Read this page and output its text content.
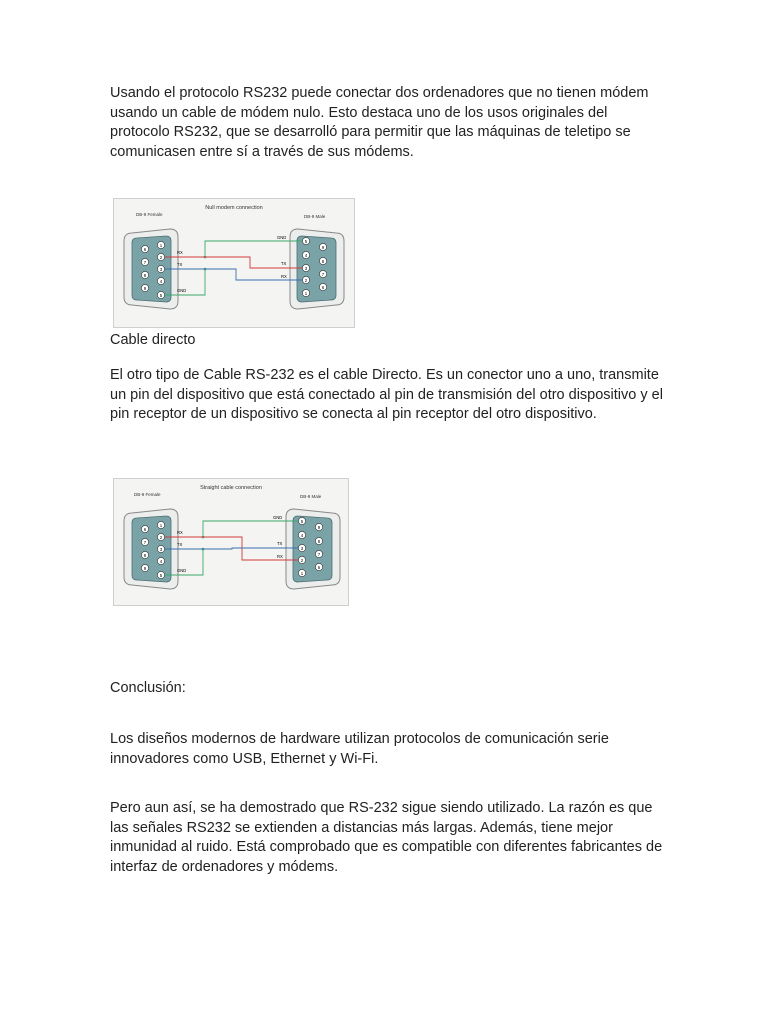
Usando el protocolo RS232 puede conectar dos ordenadores que no tienen módem usando un cable de módem nulo. Esto destaca uno de los usos originales del protocolo RS232, que se desarrolló para permitir que las máquinas de teletipo se comunicasen entre sí a través de sus módems.

Null modem connection
DB-9 Female	DB-9 Male
6
7
8
9
1
2
3
4
5
5
4
3
2
1
9
8
7
6
RX
TX
GND
GND
TX
RX

Cable directo

El otro tipo de Cable RS-232 es el cable Directo. Es un conector uno a uno, transmite un pin del dispositivo que está conectado al pin de transmisión del otro dispositivo y el pin receptor de un dispositivo se conecta al pin receptor del otro dispositivo.

Straight cable connection
DB-9 Female	DB-9 Male
6
7
8
9
1
2
3
4
5
5
4
3
2
1
9
8
7
6
RX
TX
GND
GND
TX
RX

Conclusión:

Los diseños modernos de hardware utilizan protocolos de comunicación serie innovadores como USB, Ethernet y Wi-Fi.

Pero aun así, se ha demostrado que RS-232 sigue siendo utilizado. La razón es que las señales RS232 se extienden a distancias más largas. Además, tiene mejor inmunidad al ruido. Está comprobado que es compatible con diferentes fabricantes de interfaz de ordenadores y módems.
